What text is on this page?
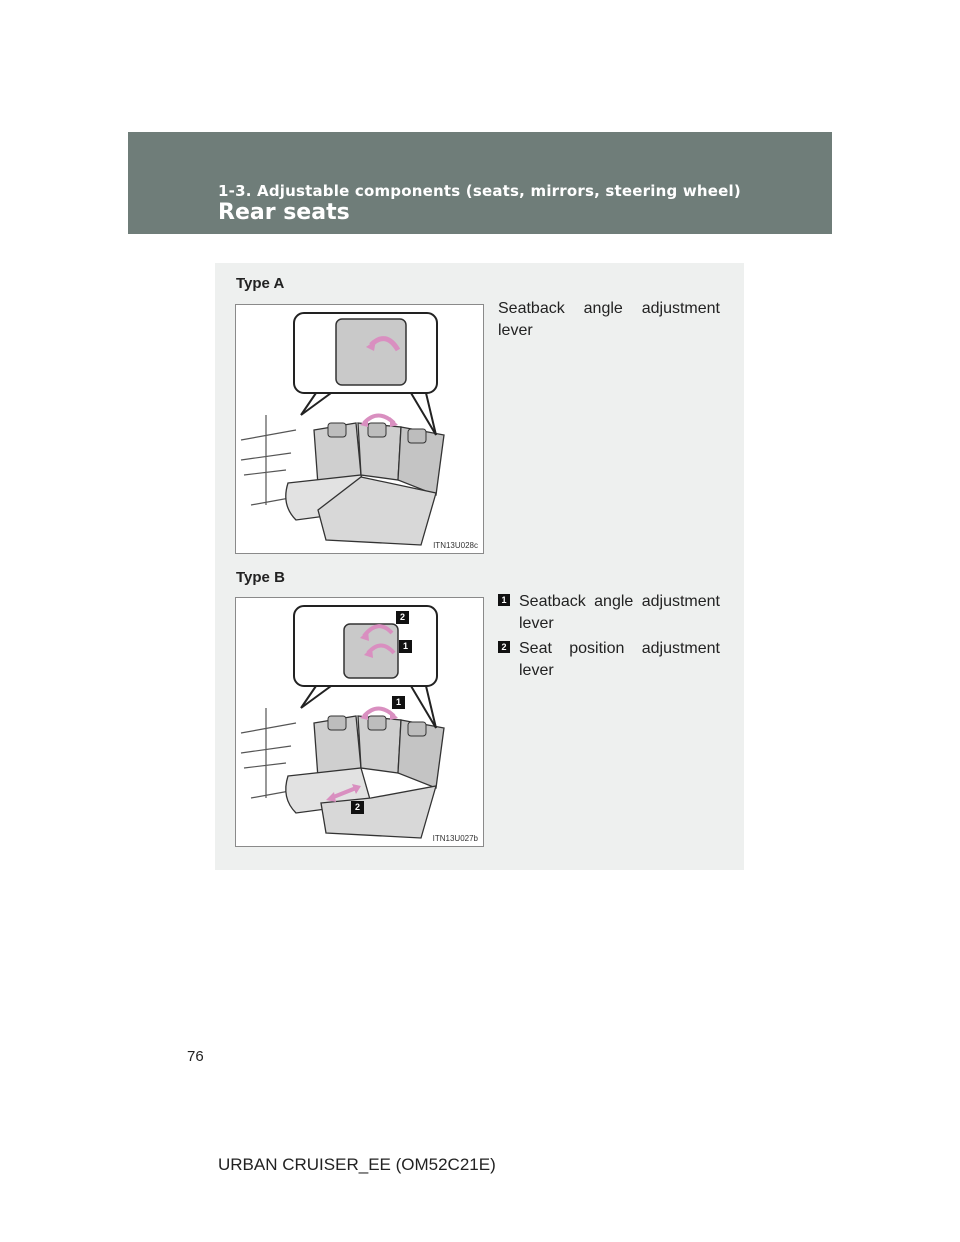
1-3. Adjustable components (seats, mirrors, steering wheel)
Rear seats
Type A
ITN13U028c
Seatback angle adjustment
lever
Type B
2
1
1
2
ITN13U027b
1 Seatback angle adjustment
lever
2 Seat position adjustment
lever
76
URBAN CRUISER_EE (OM52C21E)
